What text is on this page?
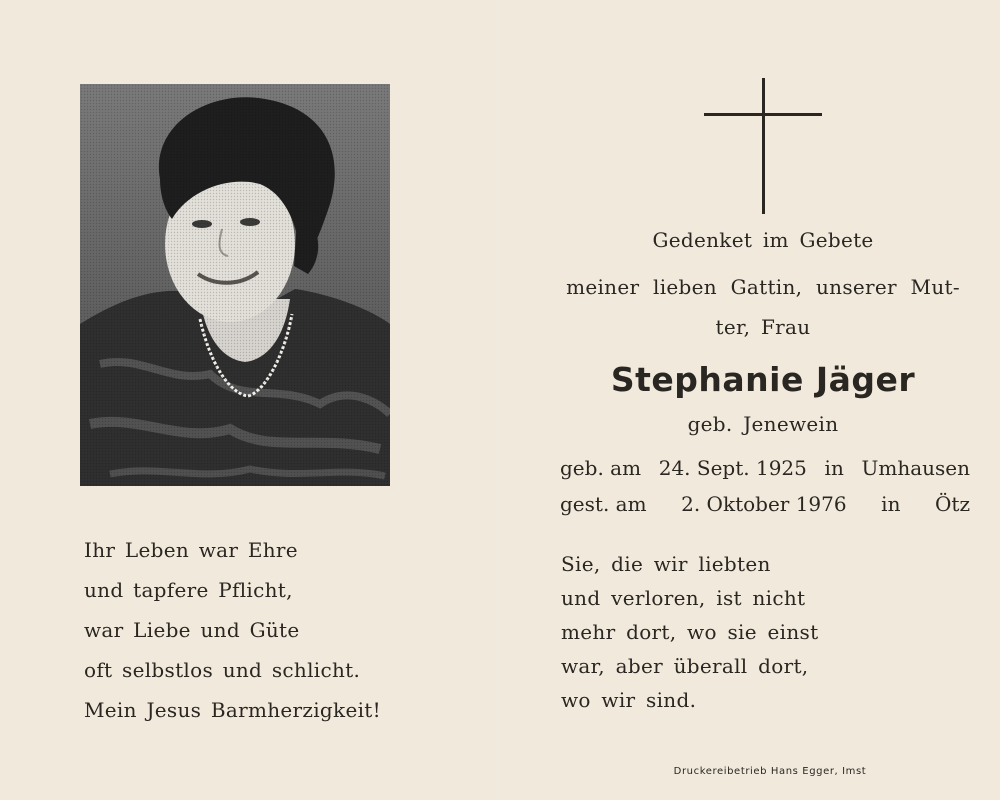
Ihr Leben war Ehre
und tapfere Pflicht,
war Liebe und Güte
oft selbstlos und schlicht.
Mein Jesus Barmherzigkeit!
Gedenket im Gebete
meiner lieben Gattin, unserer Mut-
ter, Frau
Stephanie Jäger
geb. Jenewein
geb. am 24. Sept. 1925 in Umhausen
gest. am 2. Oktober 1976 in Ötz
Sie, die wir liebten
und verloren, ist nicht
mehr dort, wo sie einst
war, aber überall dort,
wo wir sind.
Druckereibetrieb Hans Egger, Imst
